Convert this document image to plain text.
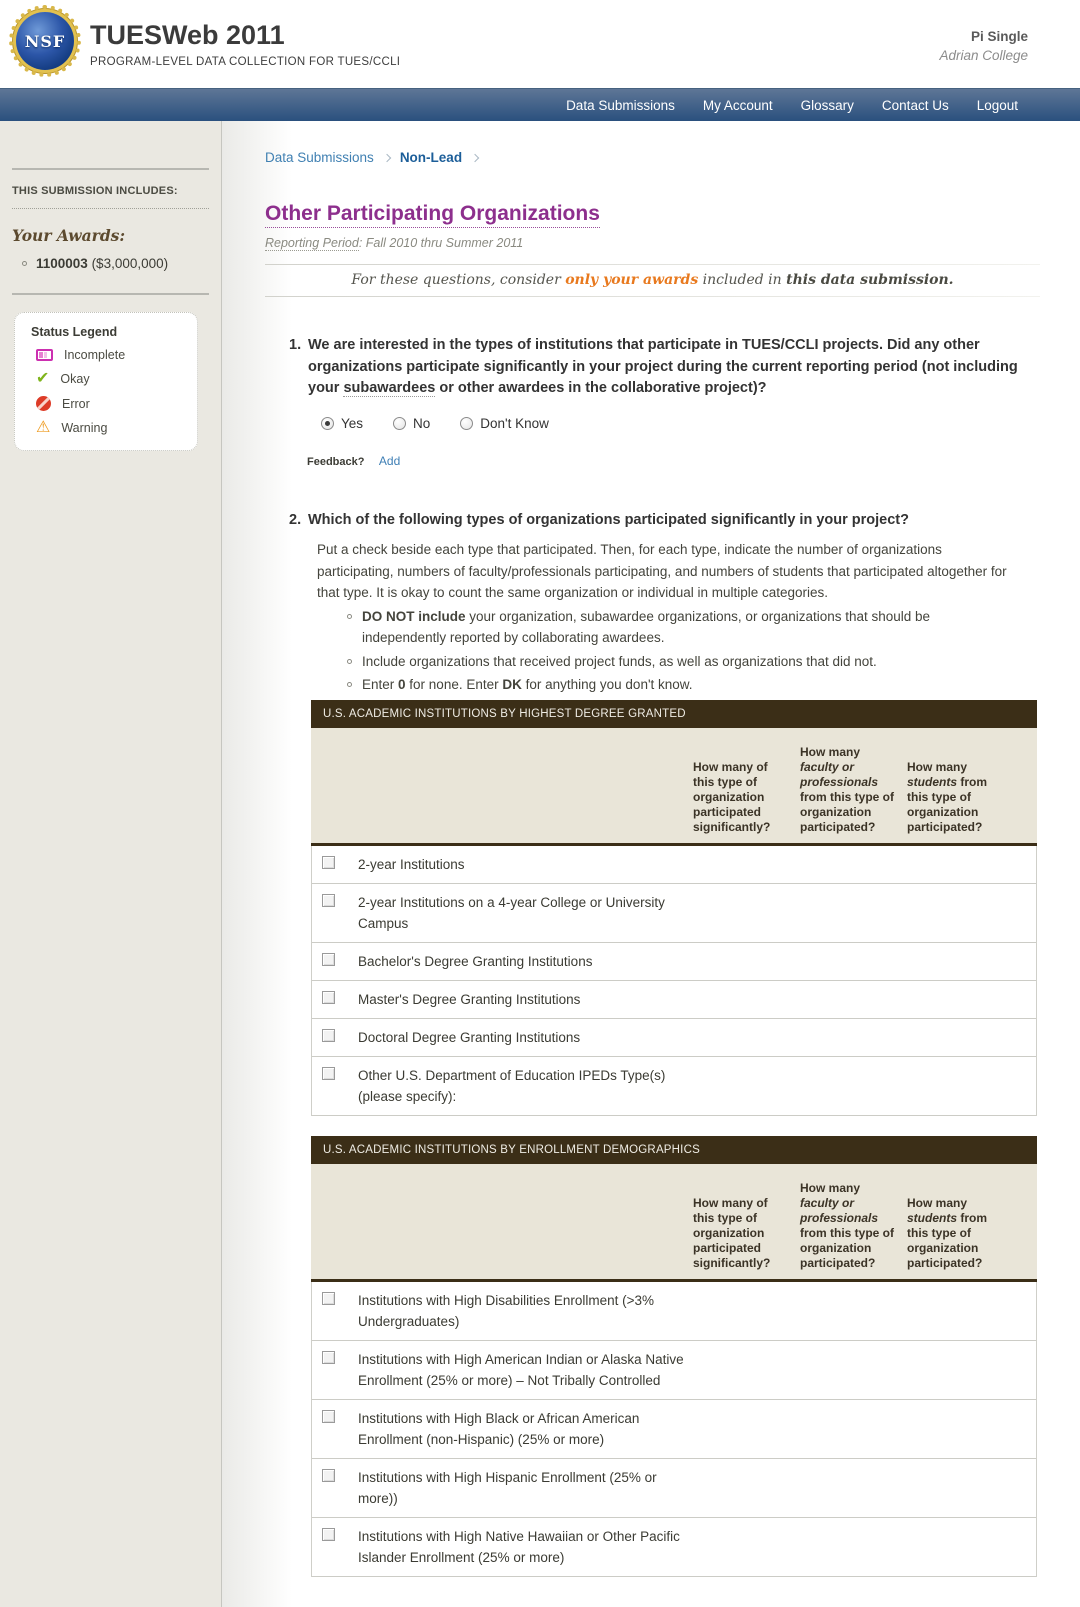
NSF TUESWeb 2011
PROGRAM-LEVEL DATA COLLECTION FOR TUES/CCLI
Pi Single
Adrian College
Data Submissions My Account Glossary Contact Us Logout
THIS SUBMISSION INCLUDES:
Your Awards:
1100003 ($3,000,000)
Status Legend
Incomplete
✔
Okay
Error
⚠
Warning
Data Submissions Non-Lead
Other Participating Organizations
Reporting Period: Fall 2010 thru Summer 2011
For these questions, consider only your awards included in this data submission.
1. We are interested in the types of institutions that participate in TUES/CCLI projects. Did any other organizations participate significantly in your project during the current reporting period (not including your subawardees or other awardees in the collaborative project)?
Yes	No	Don't Know
Feedback? Add
2. Which of the following types of organizations participated significantly in your project?
Put a check beside each type that participated. Then, for each type, indicate the number of organizations participating, numbers of faculty/professionals participating, and numbers of students that participated altogether for that type. It is okay to count the same organization or individual in multiple categories.
DO NOT include your organization, subawardee organizations, or organizations that should be independently reported by collaborating awardees.
Include organizations that received project funds, as well as organizations that did not.
Enter 0 for none. Enter DK for anything you don't know.
U.S. ACADEMIC INSTITUTIONS BY HIGHEST DEGREE GRANTED
How many of this type of organization participated significantly?
How many faculty or professionals from this type of organization participated?
How many students from this type of organization participated?
2-year Institutions
2-year Institutions on a 4-year College or University Campus
Bachelor's Degree Granting Institutions
Master's Degree Granting Institutions
Doctoral Degree Granting Institutions
Other U.S. Department of Education IPEDs Type(s)
(please specify):
U.S. ACADEMIC INSTITUTIONS BY ENROLLMENT DEMOGRAPHICS
How many of this type of organization participated significantly?
How many faculty or professionals from this type of organization participated?
How many students from this type of organization participated?
Institutions with High Disabilities Enrollment (>3% Undergraduates)
Institutions with High American Indian or Alaska Native Enrollment (25% or more) – Not Tribally Controlled
Institutions with High Black or African American Enrollment (non-Hispanic) (25% or more)
Institutions with High Hispanic Enrollment (25% or more))
Institutions with High Native Hawaiian or Other Pacific Islander Enrollment (25% or more)
